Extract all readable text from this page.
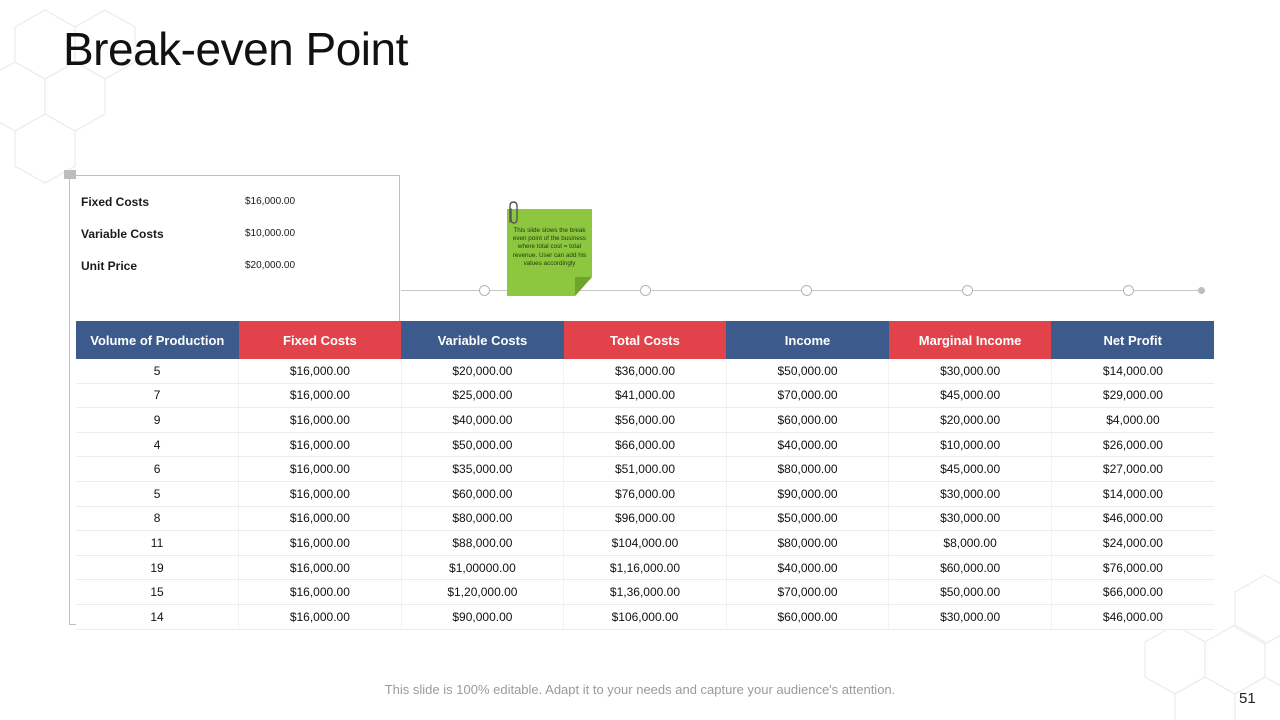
Break-even Point
Fixed Costs	$16,000.00
Variable Costs	$10,000.00
Unit Price	$20,000.00
This slide slows the break even point of the business where total cost = total revenue. User can add his values accordingly
Volume of Production	Fixed Costs	Variable Costs	Total Costs	Income	Marginal Income	Net Profit
5	$16,000.00	$20,000.00	$36,000.00	$50,000.00	$30,000.00	$14,000.00
7	$16,000.00	$25,000.00	$41,000.00	$70,000.00	$45,000.00	$29,000.00
9	$16,000.00	$40,000.00	$56,000.00	$60,000.00	$20,000.00	$4,000.00
4	$16,000.00	$50,000.00	$66,000.00	$40,000.00	$10,000.00	$26,000.00
6	$16,000.00	$35,000.00	$51,000.00	$80,000.00	$45,000.00	$27,000.00
5	$16,000.00	$60,000.00	$76,000.00	$90,000.00	$30,000.00	$14,000.00
8	$16,000.00	$80,000.00	$96,000.00	$50,000.00	$30,000.00	$46,000.00
11	$16,000.00	$88,000.00	$104,000.00	$80,000.00	$8,000.00	$24,000.00
19	$16,000.00	$1,00000.00	$1,16,000.00	$40,000.00	$60,000.00	$76,000.00
15	$16,000.00	$1,20,000.00	$1,36,000.00	$70,000.00	$50,000.00	$66,000.00
14	$16,000.00	$90,000.00	$106,000.00	$60,000.00	$30,000.00	$46,000.00
This slide is 100% editable. Adapt it to your needs and capture your audience's attention.
51
